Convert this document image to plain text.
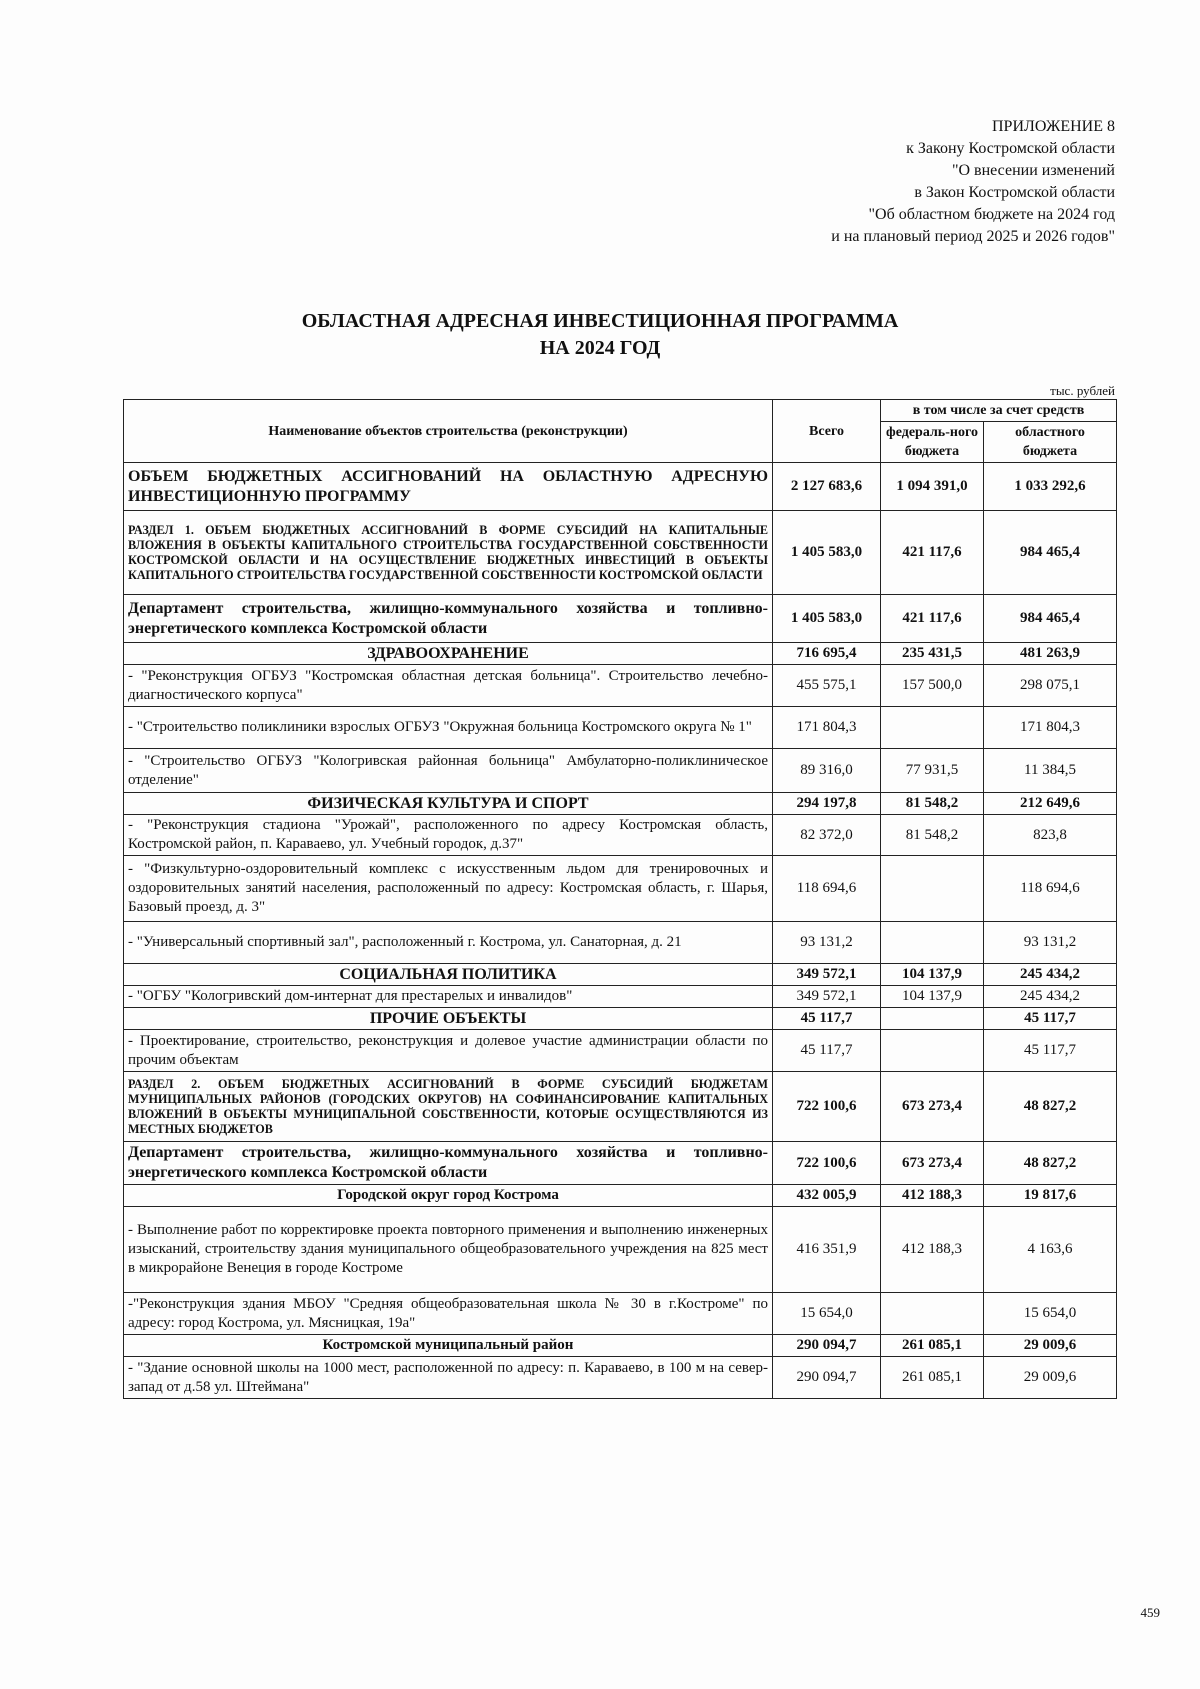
ПРИЛОЖЕНИЕ 8
к Закону Костромской области
"О внесении изменений
в Закон Костромской области
"Об областном бюджете на 2024 год
и на плановый период 2025 и 2026 годов"
ОБЛАСТНАЯ АДРЕСНАЯ ИНВЕСТИЦИОННАЯ ПРОГРАММА
НА 2024 ГОД
тыс. рублей
Наименование объектов строительства (реконструкции)	Всего	в том числе за счет средств	
		федераль-ного бюджета	областного бюджета
ОБЪЕМ БЮДЖЕТНЫХ АССИГНОВАНИЙ НА ОБЛАСТНУЮ АДРЕСНУЮ ИНВЕСТИЦИОННУЮ ПРОГРАММУ	2 127 683,6	1 094 391,0	1 033 292,6
РАЗДЕЛ 1. ОБЪЕМ БЮДЖЕТНЫХ АССИГНОВАНИЙ В ФОРМЕ СУБСИДИЙ НА КАПИТАЛЬНЫЕ ВЛОЖЕНИЯ В ОБЪЕКТЫ КАПИТАЛЬНОГО СТРОИТЕЛЬСТВА ГОСУДАРСТВЕННОЙ СОБСТВЕННОСТИ КОСТРОМСКОЙ ОБЛАСТИ И НА ОСУЩЕСТВЛЕНИЕ БЮДЖЕТНЫХ ИНВЕСТИЦИЙ В ОБЪЕКТЫ КАПИТАЛЬНОГО СТРОИТЕЛЬСТВА ГОСУДАРСТВЕННОЙ СОБСТВЕННОСТИ КОСТРОМСКОЙ ОБЛАСТИ	1 405 583,0	421 117,6	984 465,4
Департамент строительства, жилищно-коммунального хозяйства и топливно-энергетического комплекса Костромской области	1 405 583,0	421 117,6	984 465,4
ЗДРАВООХРАНЕНИЕ	716 695,4	235 431,5	481 263,9
- "Реконструкция ОГБУЗ "Костромская областная детская больница". Строительство лечебно-диагностического корпуса"	455 575,1	157 500,0	298 075,1
- "Строительство поликлиники взрослых ОГБУЗ "Окружная больница Костромского округа № 1"	171 804,3		171 804,3
- "Строительство ОГБУЗ "Кологривская районная больница" Амбулаторно-поликлиническое отделение"	89 316,0	77 931,5	11 384,5
ФИЗИЧЕСКАЯ КУЛЬТУРА И СПОРТ	294 197,8	81 548,2	212 649,6
- "Реконструкция стадиона "Урожай", расположенного по адресу Костромская область, Костромской район, п. Караваево, ул. Учебный городок, д.37"	82 372,0	81 548,2	823,8
- "Физкультурно-оздоровительный комплекс с искусственным льдом для тренировочных и оздоровительных занятий населения, расположенный по адресу: Костромская область, г. Шарья, Базовый проезд, д. 3"	118 694,6		118 694,6
- "Универсальный спортивный зал", расположенный г. Кострома, ул. Санаторная, д. 21	93 131,2		93 131,2
СОЦИАЛЬНАЯ ПОЛИТИКА	349 572,1	104 137,9	245 434,2
- "ОГБУ "Кологривский дом-интернат для престарелых и инвалидов"	349 572,1	104 137,9	245 434,2
ПРОЧИЕ ОБЪЕКТЫ	45 117,7		45 117,7
- Проектирование, строительство, реконструкция и долевое участие администрации области по прочим объектам	45 117,7		45 117,7
РАЗДЕЛ 2. ОБЪЕМ БЮДЖЕТНЫХ АССИГНОВАНИЙ В ФОРМЕ СУБСИДИЙ БЮДЖЕТАМ МУНИЦИПАЛЬНЫХ РАЙОНОВ (ГОРОДСКИХ ОКРУГОВ) НА СОФИНАНСИРОВАНИЕ КАПИТАЛЬНЫХ ВЛОЖЕНИЙ В ОБЪЕКТЫ МУНИЦИПАЛЬНОЙ СОБСТВЕННОСТИ, КОТОРЫЕ ОСУЩЕСТВЛЯЮТСЯ ИЗ МЕСТНЫХ БЮДЖЕТОВ	722 100,6	673 273,4	48 827,2
Департамент строительства, жилищно-коммунального хозяйства и топливно-энергетического комплекса Костромской области	722 100,6	673 273,4	48 827,2
Городской округ город Кострома	432 005,9	412 188,3	19 817,6
- Выполнение работ по корректировке проекта повторного применения и выполнению инженерных изысканий, строительству здания муниципального общеобразовательного учреждения на 825 мест в микрорайоне Венеция в городе Костроме	416 351,9	412 188,3	4 163,6
-"Реконструкция здания МБОУ "Средняя общеобразовательная школа № 30 в г.Костроме" по адресу: город Кострома, ул. Мясницкая, 19а"	15 654,0		15 654,0
Костромской муниципальный район	290 094,7	261 085,1	29 009,6
- "Здание основной школы на 1000 мест, расположенной по адресу: п. Караваево, в 100 м на север-запад от д.58 ул. Штеймана"	290 094,7	261 085,1	29 009,6
459
